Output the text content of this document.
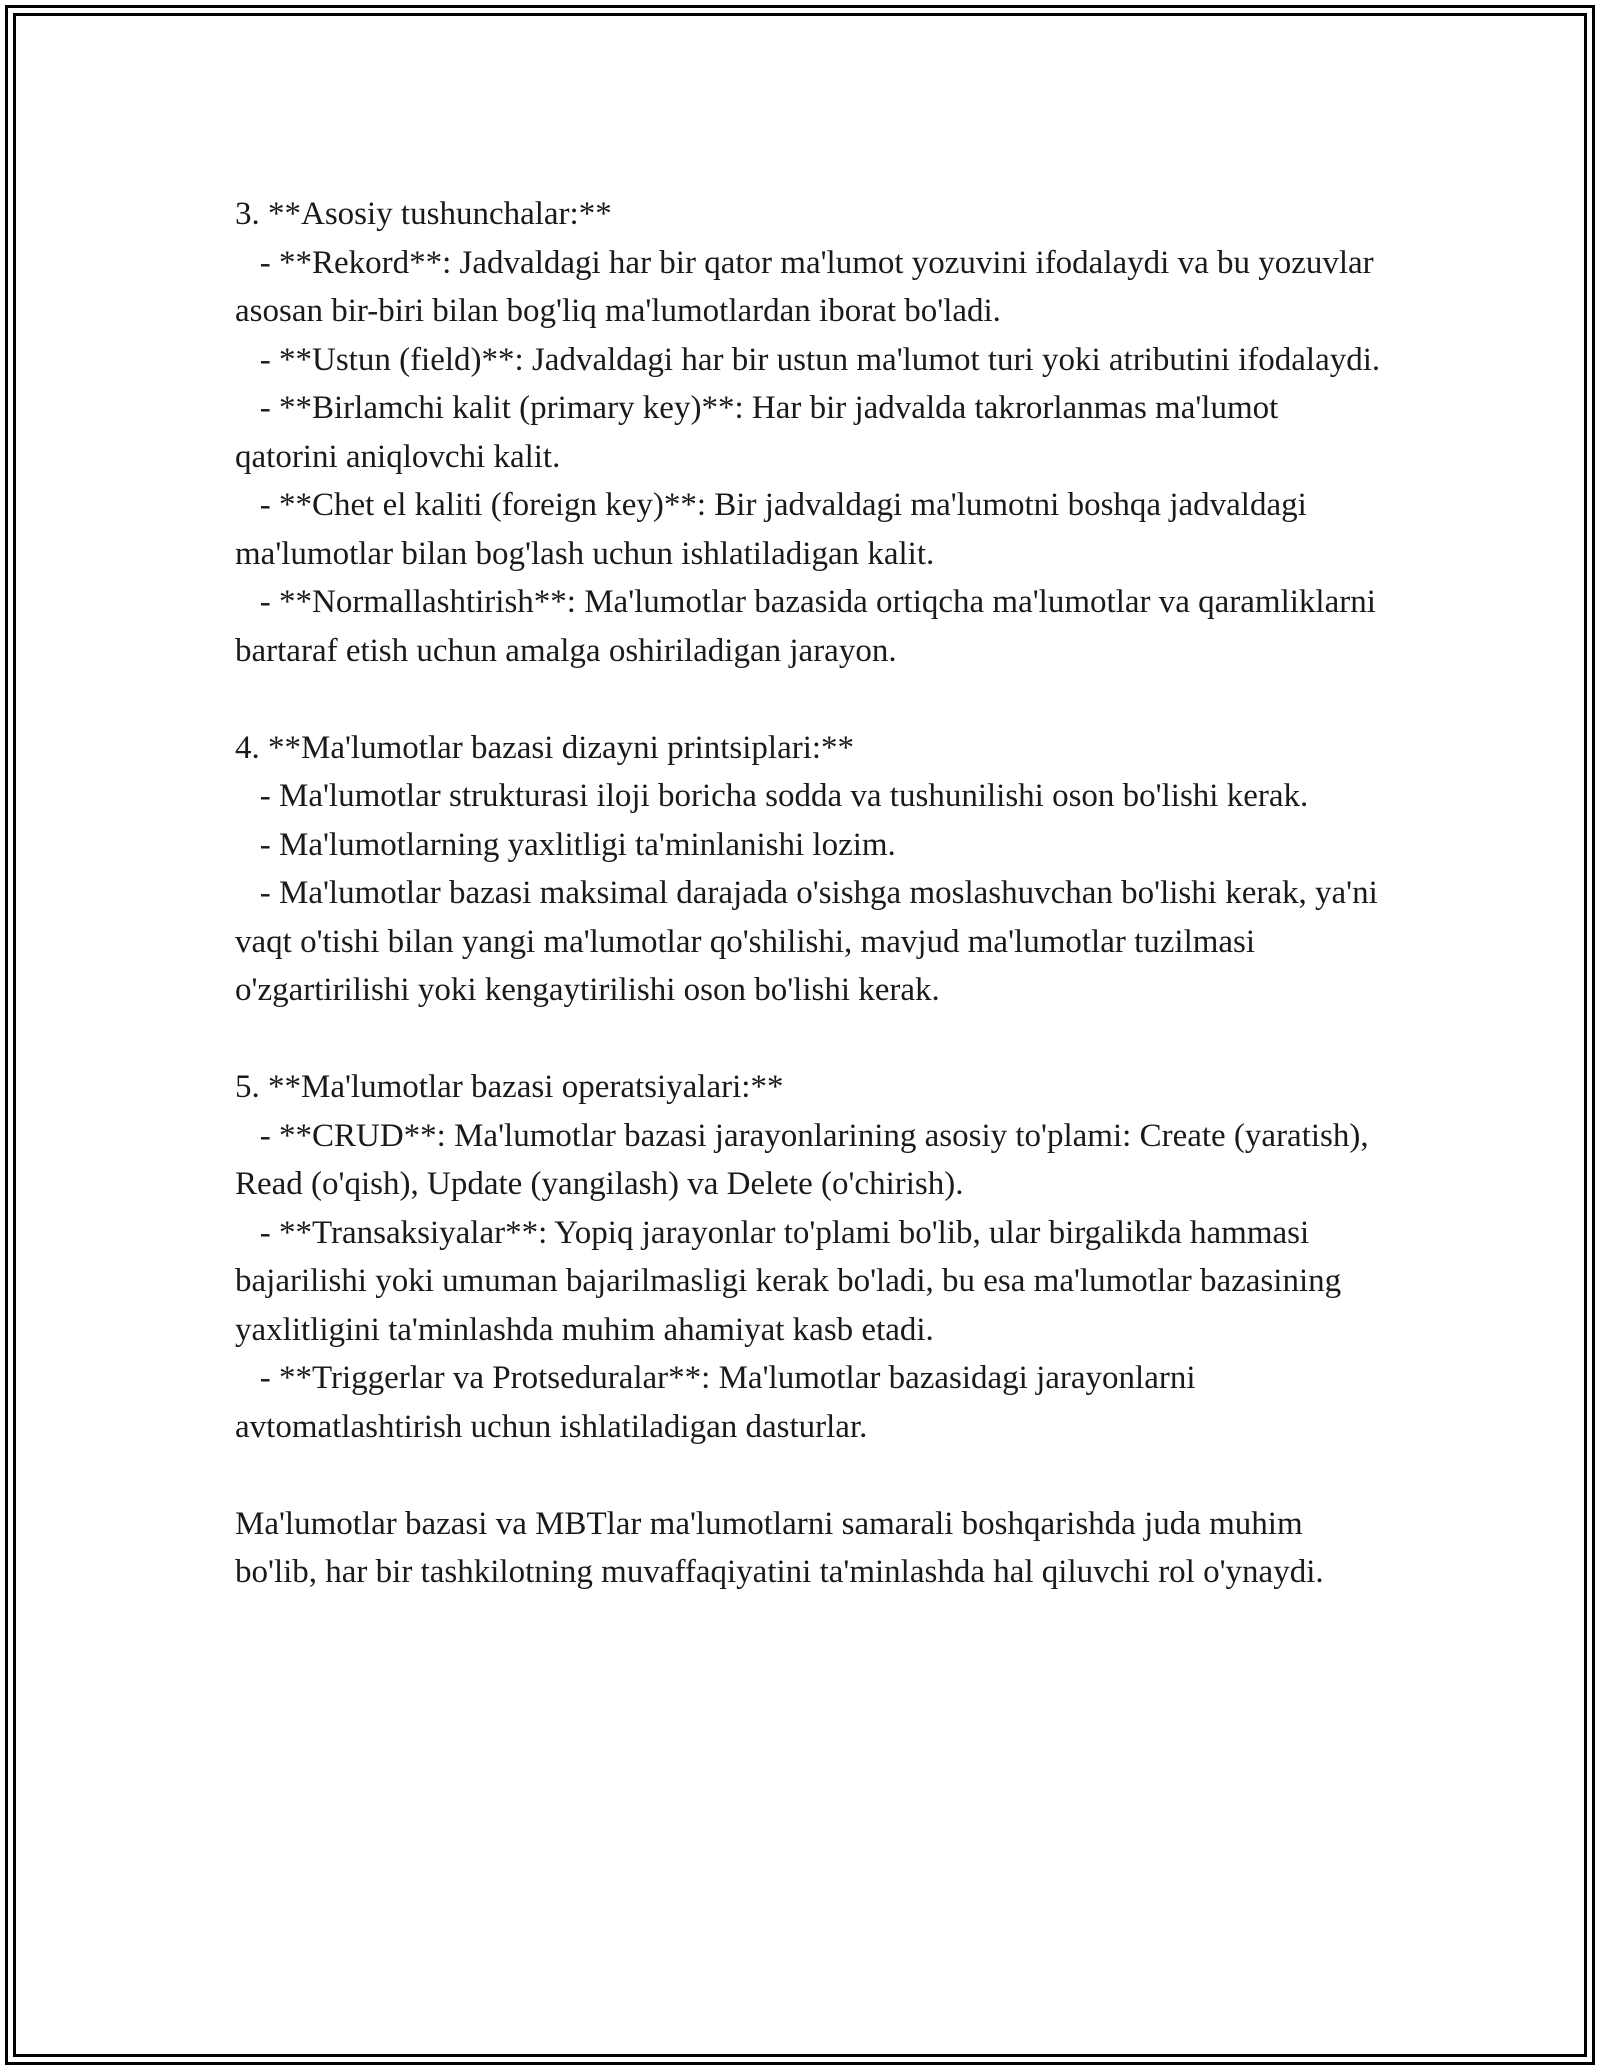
3. **Asosiy tushunchalar:**
- **Rekord**: Jadvaldagi har bir qator ma'lumot yozuvini ifodalaydi va bu yozuvlar asosan bir-biri bilan bog'liq ma'lumotlardan iborat bo'ladi.
- **Ustun (field)**: Jadvaldagi har bir ustun ma'lumot turi yoki atributini ifodalaydi.
- **Birlamchi kalit (primary key)**: Har bir jadvalda takrorlanmas ma'lumot qatorini aniqlovchi kalit.
- **Chet el kaliti (foreign key)**: Bir jadvaldagi ma'lumotni boshqa jadvaldagi ma'lumotlar bilan bog'lash uchun ishlatiladigan kalit.
- **Normallashtirish**: Ma'lumotlar bazasida ortiqcha ma'lumotlar va qaramliklarni bartaraf etish uchun amalga oshiriladigan jarayon.
4. **Ma'lumotlar bazasi dizayni printsiplari:**
- Ma'lumotlar strukturasi iloji boricha sodda va tushunilishi oson bo'lishi kerak.
- Ma'lumotlarning yaxlitligi ta'minlanishi lozim.
- Ma'lumotlar bazasi maksimal darajada o'sishga moslashuvchan bo'lishi kerak, ya'ni vaqt o'tishi bilan yangi ma'lumotlar qo'shilishi, mavjud ma'lumotlar tuzilmasi o'zgartirilishi yoki kengaytirilishi oson bo'lishi kerak.
5. **Ma'lumotlar bazasi operatsiyalari:**
- **CRUD**: Ma'lumotlar bazasi jarayonlarining asosiy to'plami: Create (yaratish), Read (o'qish), Update (yangilash) va Delete (o'chirish).
- **Transaksiyalar**: Yopiq jarayonlar to'plami bo'lib, ular birgalikda hammasi bajarilishi yoki umuman bajarilmasligi kerak bo'ladi, bu esa ma'lumotlar bazasining yaxlitligini ta'minlashda muhim ahamiyat kasb etadi.
- **Triggerlar va Protseduralar**: Ma'lumotlar bazasidagi jarayonlarni avtomatlashtirish uchun ishlatiladigan dasturlar.
Ma'lumotlar bazasi va MBTlar ma'lumotlarni samarali boshqarishda juda muhim bo'lib, har bir tashkilotning muvaffaqiyatini ta'minlashda hal qiluvchi rol o'ynaydi.
